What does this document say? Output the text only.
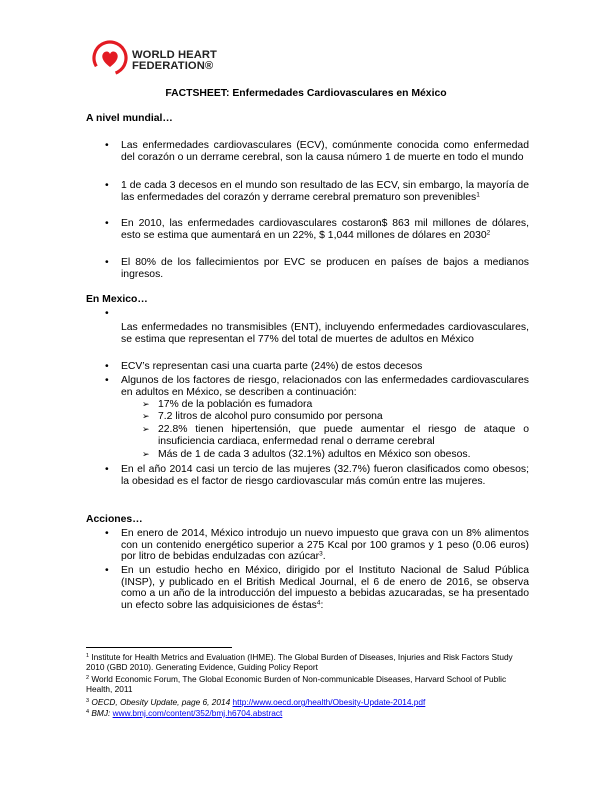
WORLD HEART
FEDERATION®
FACTSHEET: Enfermedades Cardiovasculares en México
A nivel mundial…
• Las enfermedades cardiovasculares (ECV), comúnmente conocida como enfermedad del corazón o un derrame cerebral, son la causa número 1 de muerte en todo el mundo
• 1 de cada 3 decesos en el mundo son resultado de las ECV, sin embargo, la mayoría de las enfermedades del corazón y derrame cerebral prematuro son prevenibles$^1$
• En 2010, las enfermedades cardiovasculares costaron$ 863 mil millones de dólares, esto se estima que aumentará en un 22%, $ 1,044 millones de dólares en 2030$^2$
• El 80% de los fallecimientos por EVC se producen en países de bajos a medianos ingresos.
En Mexico…
•
Las enfermedades no transmisibles (ENT), incluyendo enfermedades cardiovasculares, se estima que representan el 77% del total de muertes de adultos en México
• ECV’s representan casi una cuarta parte (24%) de estos decesos
• Algunos de los factores de riesgo, relacionados con las enfermedades cardiovasculares en adultos en México, se describen a continuación:
➢ 17% de la población es fumadora
➢ 7.2 litros de alcohol puro consumido por persona
➢ 22.8% tienen hipertensión, que puede aumentar el riesgo de ataque o insuficiencia cardiaca, enfermedad renal o derrame cerebral
➢ Más de 1 de cada 3 adultos (32.1%) adultos en México son obesos.
• En el año 2014 casi un tercio de las mujeres (32.7%) fueron clasificados como obesos; la obesidad es el factor de riesgo cardiovascular más común entre las mujeres.
Acciones…
• En enero de 2014, México introdujo un nuevo impuesto que grava con un 8% alimentos con un contenido energético superior a 275 Kcal por 100 gramos y 1 peso (0.06 euros) por litro de bebidas endulzadas con azúcar$^3$.
• En un estudio hecho en México, dirigido por el Instituto Nacional de Salud Pública (INSP), y publicado en el British Medical Journal, el 6 de enero de 2016, se observa como a un año de la introducción del impuesto a bebidas azucaradas, se ha presentado un efecto sobre las adquisiciones de éstas$^4$:
$^1$ Institute for Health Metrics and Evaluation (IHME). The Global Burden of Diseases, Injuries and Risk Factors Study 2010 (GBD 2010). Generating Evidence, Guiding Policy Report
$^2$ World Economic Forum, The Global Economic Burden of Non-communicable Diseases, Harvard School of Public Health, 2011
$^3$ OECD, Obesity Update, page 6, 2014 http://www.oecd.org/health/Obesity-Update-2014.pdf
$^4$ BMJ: www.bmj.com/content/352/bmj.h6704.abstract
